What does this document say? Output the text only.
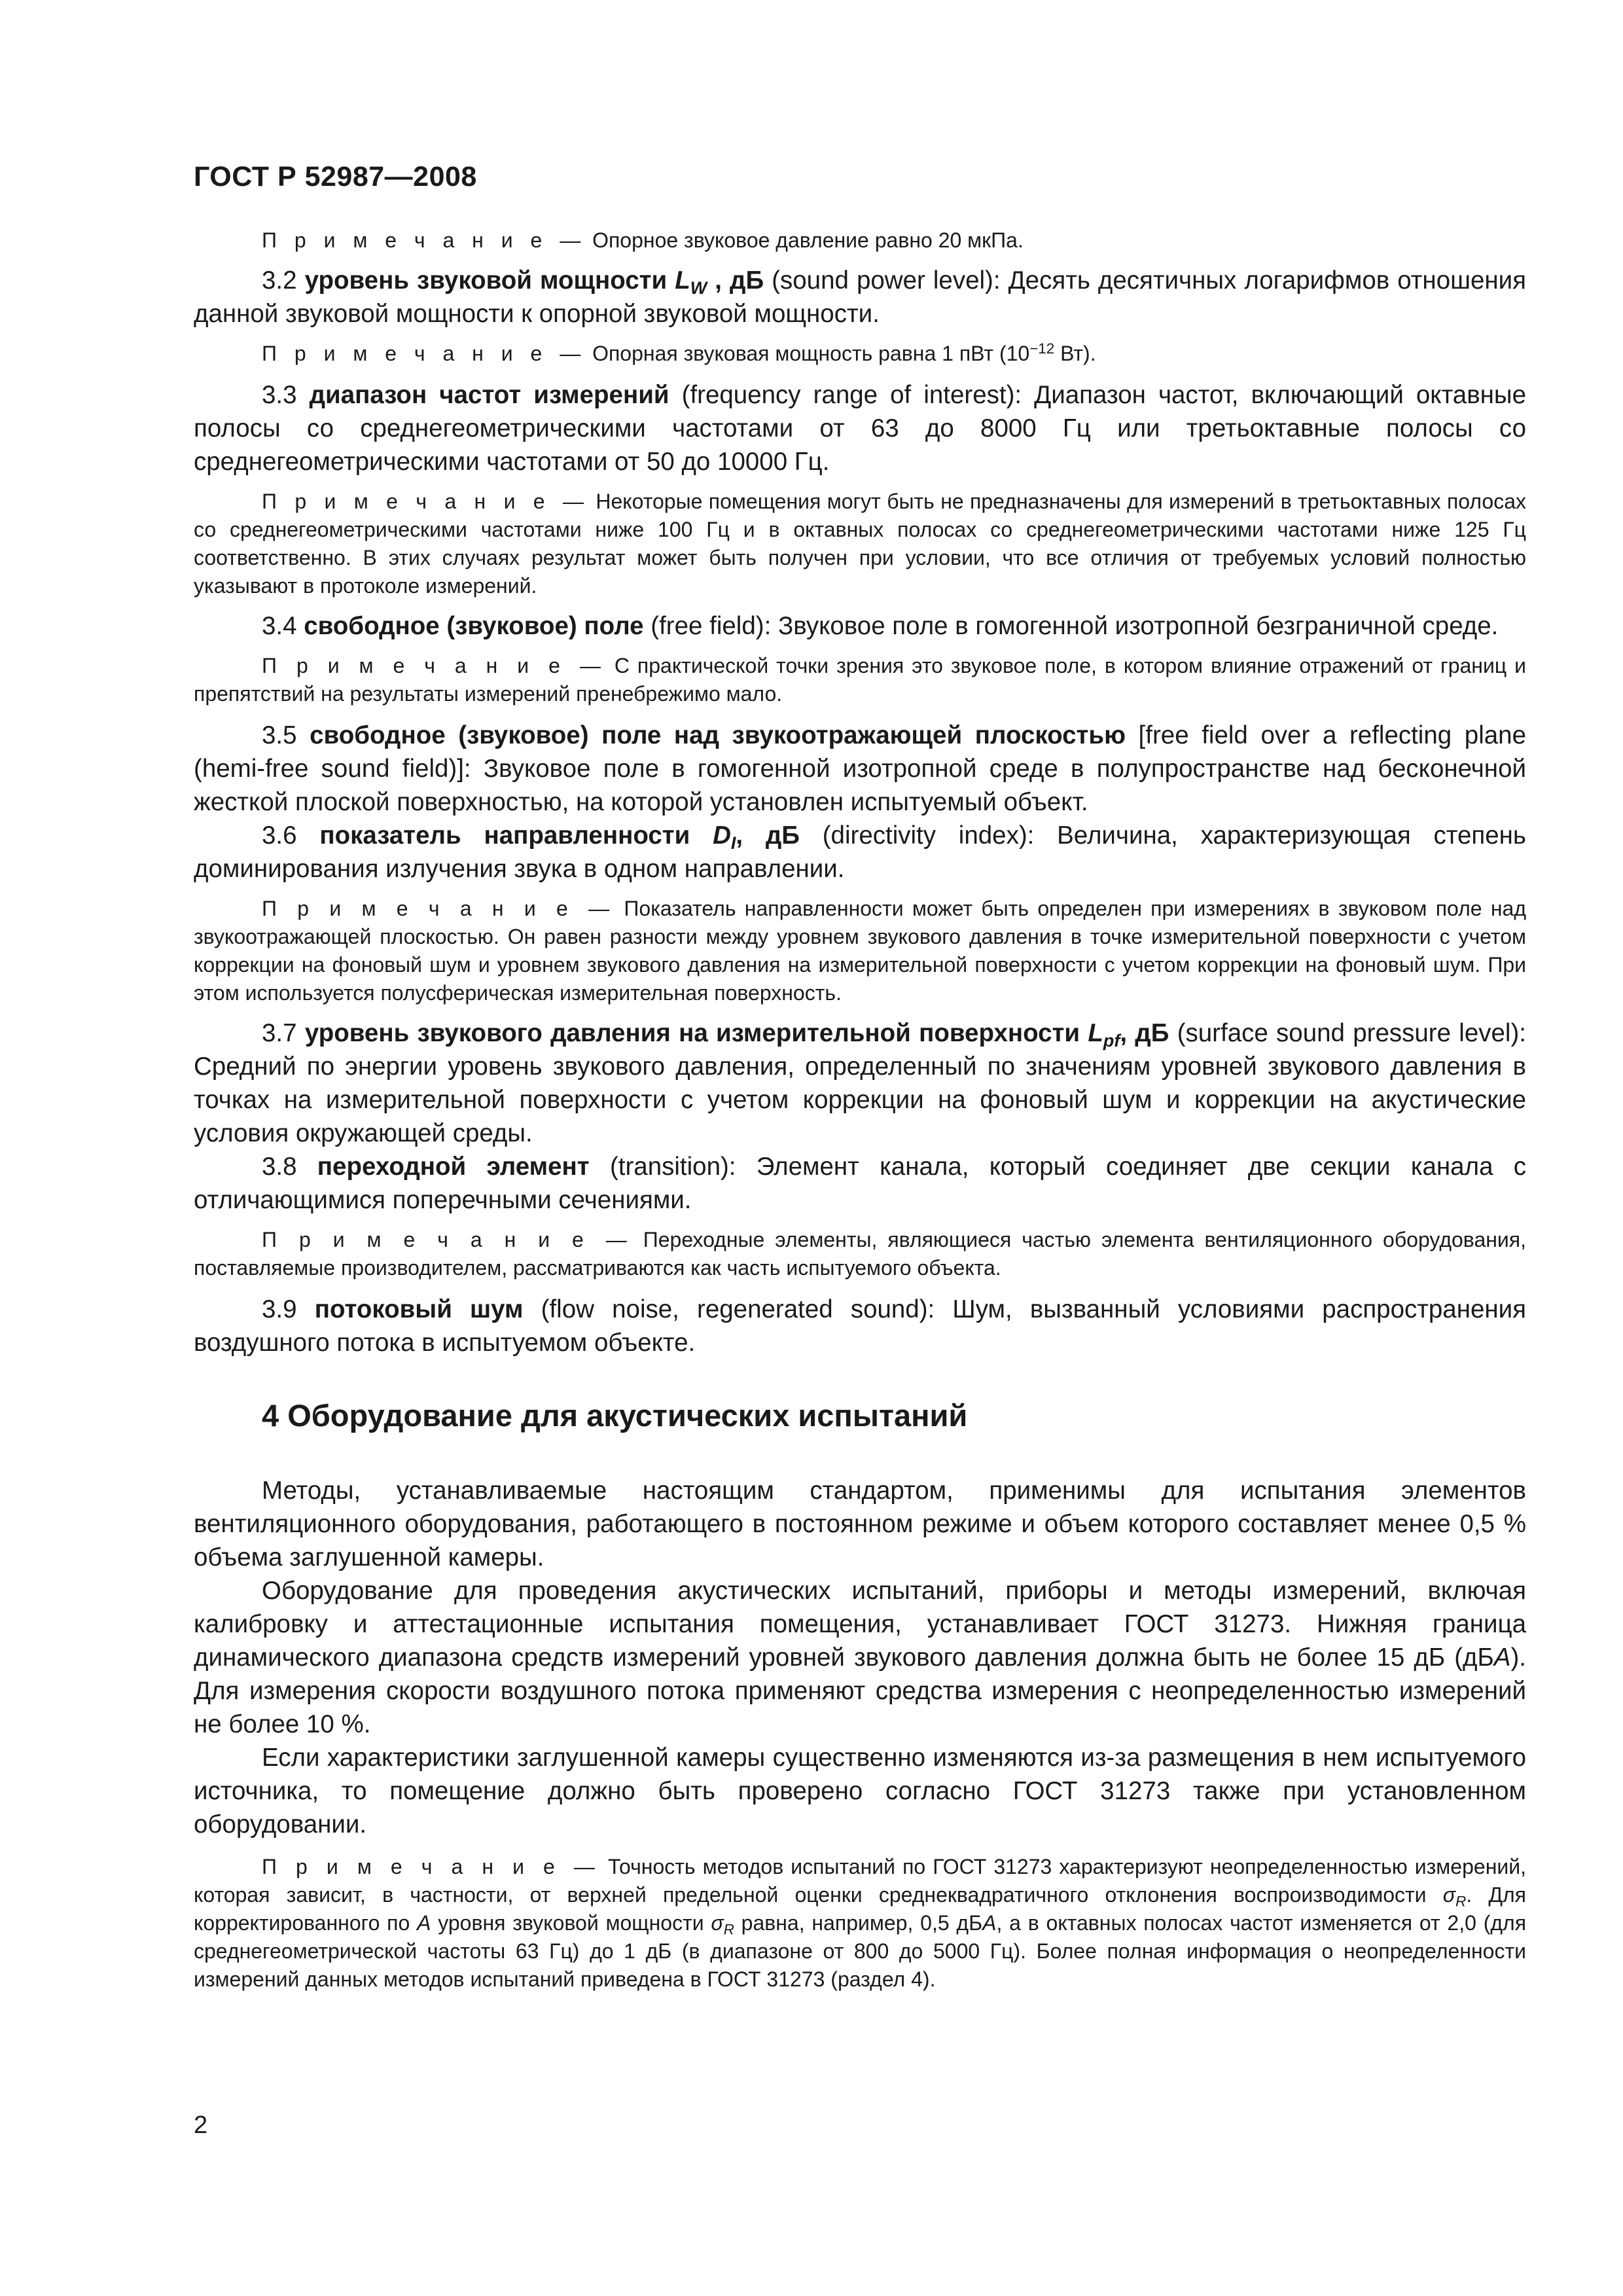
ГОСТ Р 52987—2008

П р и м е ч а н и е — Опорное звуковое давление равно 20 мкПа.

3.2 уровень звуковой мощности $L_W$ , дБ (sound power level): Десять десятичных логарифмов отношения данной звуковой мощности к опорной звуковой мощности.

П р и м е ч а н и е — Опорная звуковая мощность равна 1 пВт ($10^{-12}$ Вт).

3.3 диапазон частот измерений (frequency range of interest): Диапазон частот, включающий октавные полосы со среднегеометрическими частотами от 63 до 8000 Гц или третьоктавные полосы со среднегеометрическими частотами от 50 до 10000 Гц.

П р и м е ч а н и е — Некоторые помещения могут быть не предназначены для измерений в третьоктавных полосах со среднегеометрическими частотами ниже 100 Гц и в октавных полосах со среднегеометрическими частотами ниже 125 Гц соответственно. В этих случаях результат может быть получен при условии, что все отличия от требуемых условий полностью указывают в протоколе измерений.

3.4 свободное (звуковое) поле (free field): Звуковое поле в гомогенной изотропной безграничной среде.

П р и м е ч а н и е — С практической точки зрения это звуковое поле, в котором влияние отражений от границ и препятствий на результаты измерений пренебрежимо мало.

3.5 свободное (звуковое) поле над звукоотражающей плоскостью [free field over a reflecting plane (hemi-free sound field)]: Звуковое поле в гомогенной изотропной среде в полупространстве над бесконечной жесткой плоской поверхностью, на которой установлен испытуемый объект.

3.6 показатель направленности $D_I$, дБ (directivity index): Величина, характеризующая степень доминирования излучения звука в одном направлении.

П р и м е ч а н и е — Показатель направленности может быть определен при измерениях в звуковом поле над звукоотражающей плоскостью. Он равен разности между уровнем звукового давления в точке измерительной поверхности с учетом коррекции на фоновый шум и уровнем звукового давления на измерительной поверхности с учетом коррекции на фоновый шум. При этом используется полусферическая измерительная поверхность.

3.7 уровень звукового давления на измерительной поверхности $L_{pf}$, дБ (surface sound pressure level): Средний по энергии уровень звукового давления, определенный по значениям уровней звукового давления в точках на измерительной поверхности с учетом коррекции на фоновый шум и коррекции на акустические условия окружающей среды.

3.8 переходной элемент (transition): Элемент канала, который соединяет две секции канала с отличающимися поперечными сечениями.

П р и м е ч а н и е — Переходные элементы, являющиеся частью элемента вентиляционного оборудования, поставляемые производителем, рассматриваются как часть испытуемого объекта.

3.9 потоковый шум (flow noise, regenerated sound): Шум, вызванный условиями распространения воздушного потока в испытуемом объекте.

4 Оборудование для акустических испытаний

Методы, устанавливаемые настоящим стандартом, применимы для испытания элементов вентиляционного оборудования, работающего в постоянном режиме и объем которого составляет менее 0,5 % объема заглушенной камеры.

Оборудование для проведения акустических испытаний, приборы и методы измерений, включая калибровку и аттестационные испытания помещения, устанавливает ГОСТ 31273. Нижняя граница динамического диапазона средств измерений уровней звукового давления должна быть не более 15 дБ (дБA). Для измерения скорости воздушного потока применяют средства измерения с неопределенностью измерений не более 10 %.

Если характеристики заглушенной камеры существенно изменяются из-за размещения в нем испытуемого источника, то помещение должно быть проверено согласно ГОСТ 31273 также при установленном оборудовании.

П р и м е ч а н и е — Точность методов испытаний по ГОСТ 31273 характеризуют неопределенностью измерений, которая зависит, в частности, от верхней предельной оценки среднеквадратичного отклонения воспроизводимости $\sigma_R$. Для корректированного по A уровня звуковой мощности $\sigma_R$ равна, например, 0,5 дБA, а в октавных полосах частот изменяется от 2,0 (для среднегеометрической частоты 63 Гц) до 1 дБ (в диапазоне от 800 до 5000 Гц). Более полная информация о неопределенности измерений данных методов испытаний приведена в ГОСТ 31273 (раздел 4).

2
